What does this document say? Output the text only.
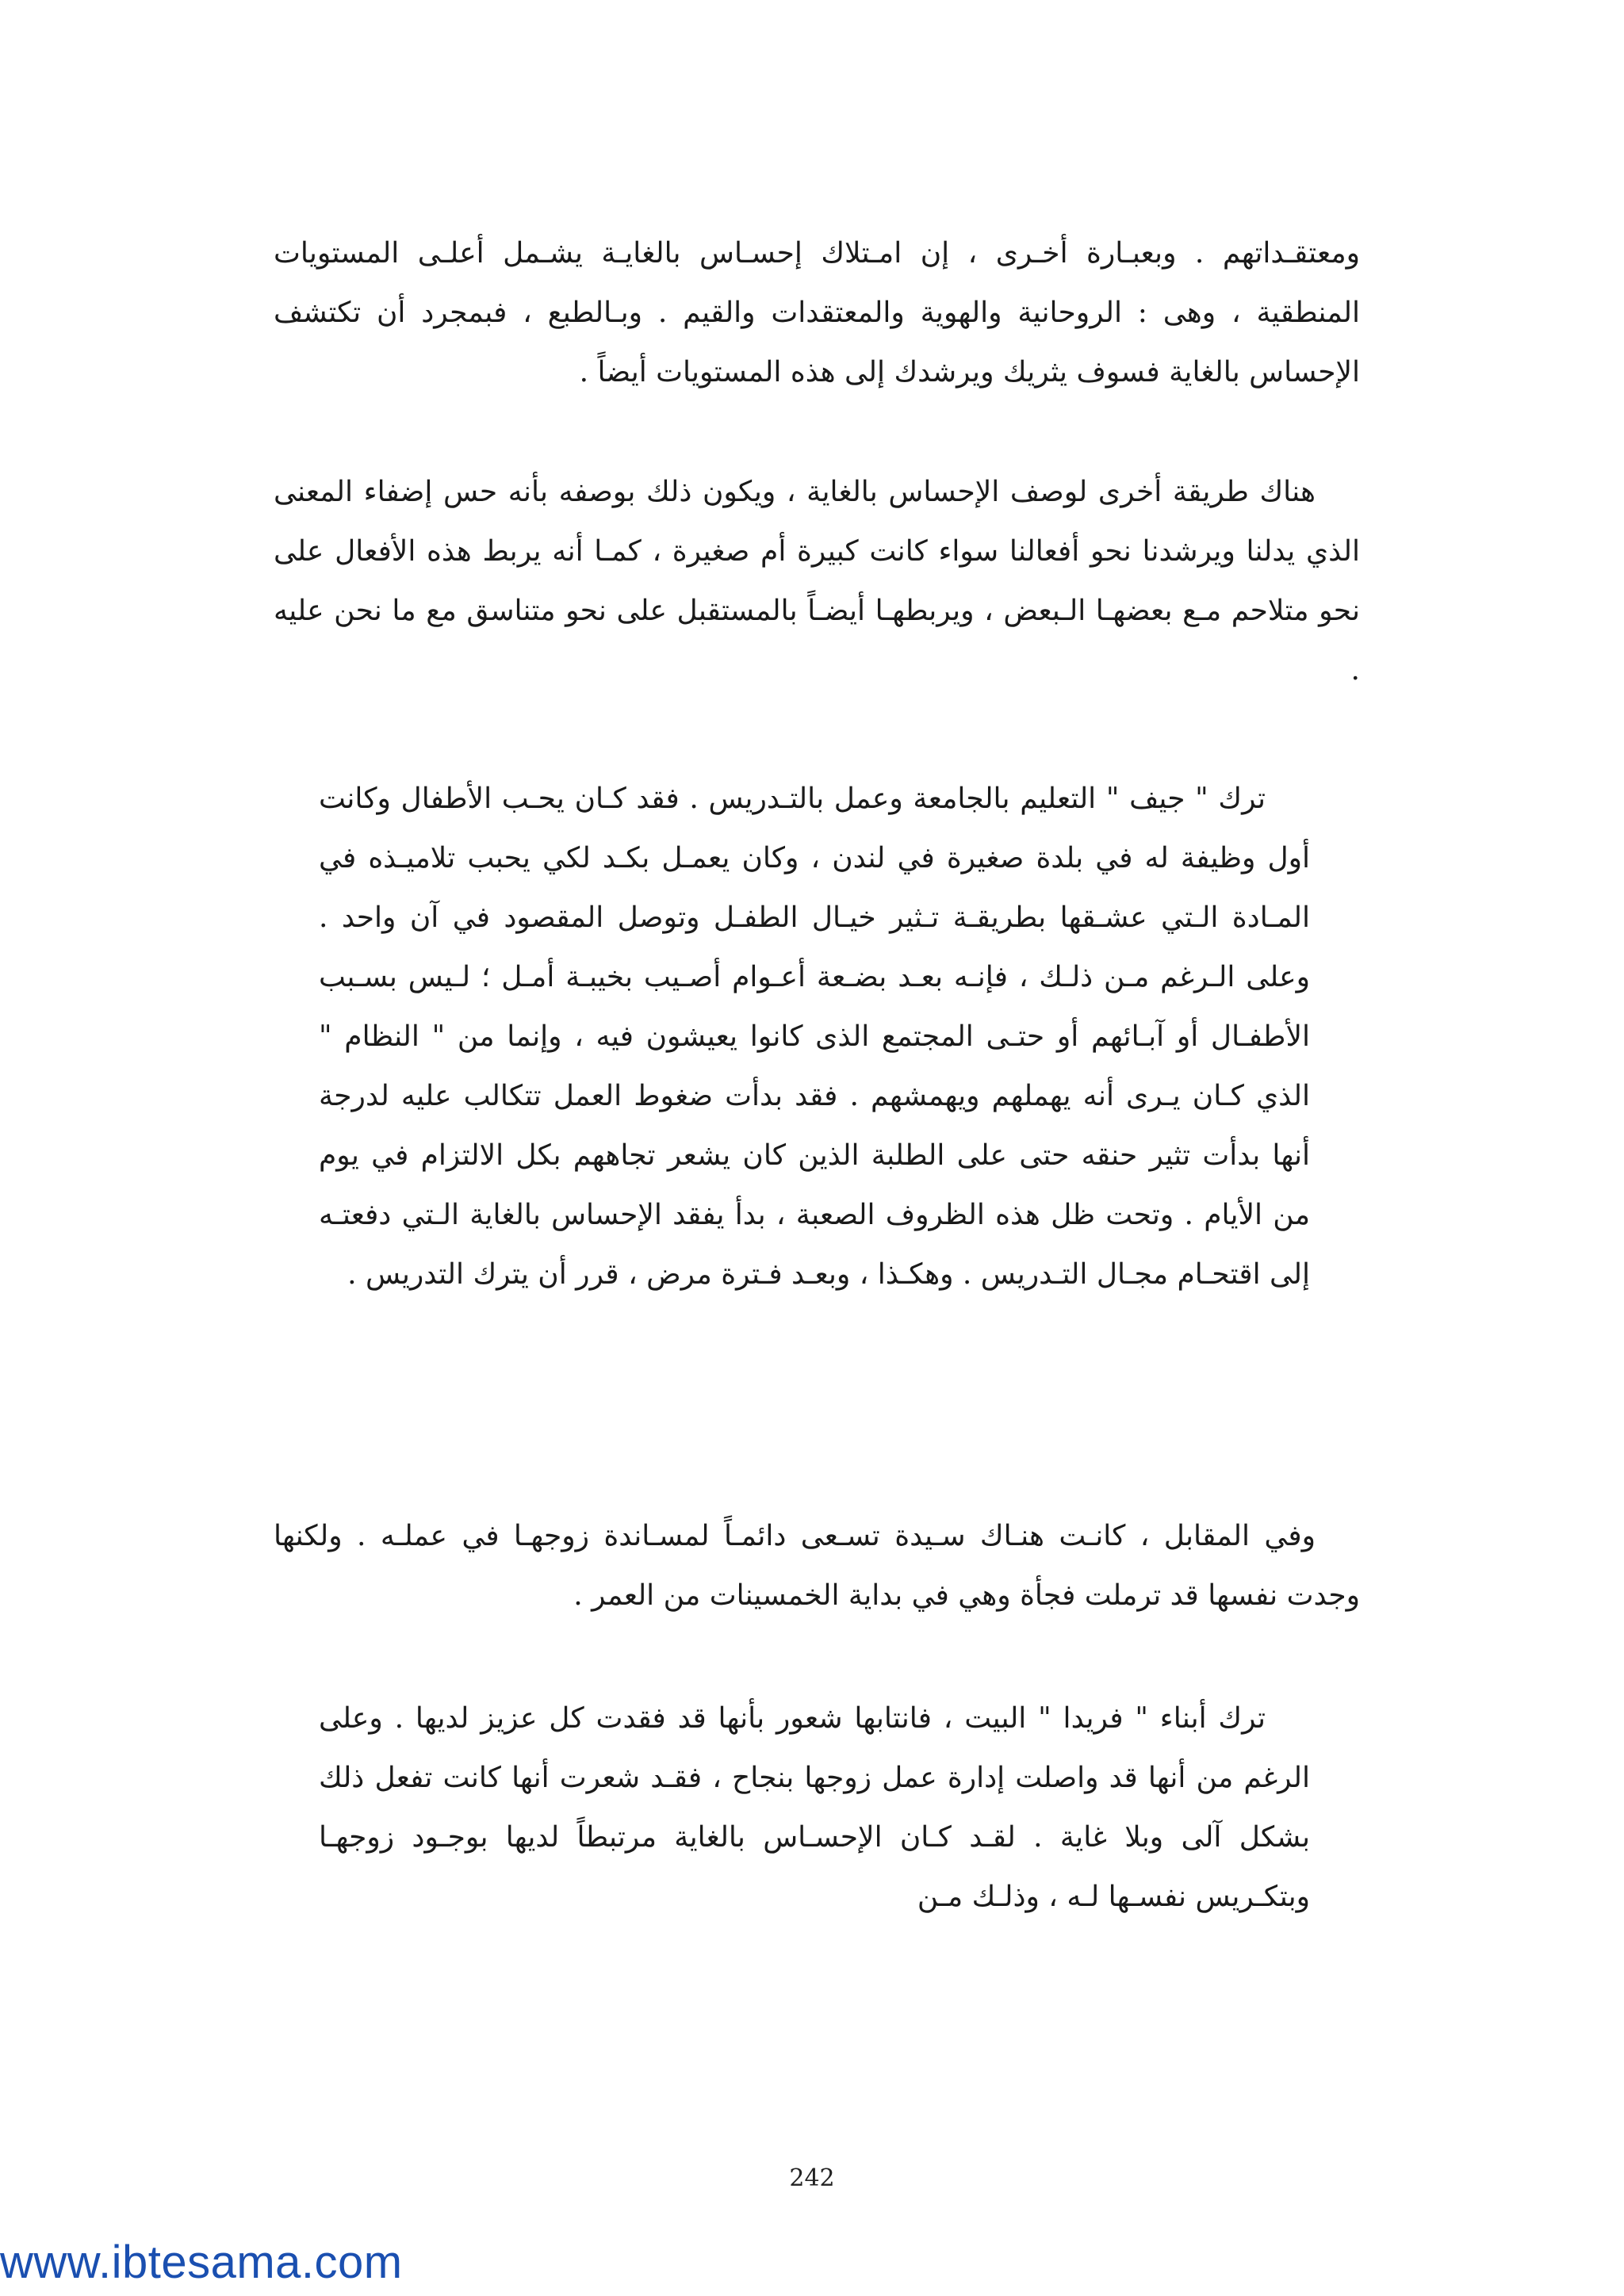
ومعتقـداتهم . وبعبـارة أخـرى ، إن امـتلاك إحسـاس بالغايـة يشـمل أعلـى المستويات المنطقية ، وهى : الروحانية والهوية والمعتقدات والقيم . وبـالطبع ، فبمجرد أن تكتشف الإحساس بالغاية فسوف يثريك ويرشدك إلى هذه المستويات أيضاً .

هناك طريقة أخرى لوصف الإحساس بالغاية ، ويكون ذلك بوصفه بأنه حس إضفاء المعنى الذي يدلنا ويرشدنا نحو أفعالنا سواء كانت كبيرة أم صغيرة ، كمـا أنه يربط هذه الأفعال على نحو متلاحم مـع بعضهـا الـبعض ، ويربطهـا أيضـاً بالمستقبل على نحو متناسق مع ما نحن عليه .

ترك " جيف " التعليم بالجامعة وعمل بالتـدريس . فقد كـان يحـب الأطفال وكانت أول وظيفة له في بلدة صغيرة في لندن ، وكان يعمـل بكـد لكي يحبب تلاميـذه في المـادة الـتي عشـقها بطريقـة تـثير خيـال الطفـل وتوصل المقصود في آن واحد . وعلى الـرغم مـن ذلـك ، فإنـه بعـد بضـعة أعـوام أصـيب بخيبـة أمـل ؛ لـيس بسـبب الأطفـال أو آبـائهم أو حتـى المجتمع الذى كانوا يعيشون فيه ، وإنما من " النظام " الذي كـان يـرى أنه يهملهم ويهمشهم . فقد بدأت ضغوط العمل تتكالب عليه لدرجة أنها بدأت تثير حنقه حتى على الطلبة الذين كان يشعر تجاههم بكل الالتزام في يوم من الأيام . وتحت ظل هذه الظروف الصعبة ، بدأ يفقد الإحساس بالغاية الـتي دفعتـه إلى اقتحـام مجـال التـدريس . وهكـذا ، وبعـد فـترة مرض ، قرر أن يترك التدريس .

وفي المقابل ، كانـت هنـاك سـيدة تسـعى دائمـاً لمسـاندة زوجهـا في عملـه . ولكنها وجدت نفسها قد ترملت فجأة وهي في بداية الخمسينات من العمر .

ترك أبناء " فريدا " البيت ، فانتابها شعور بأنها قد فقدت كل عزيز لديها . وعلى الرغم من أنها قد واصلت إدارة عمل زوجها بنجاح ، فقـد شعرت أنها كانت تفعل ذلك بشكل آلى وبلا غاية . لقـد كـان الإحسـاس بالغاية مرتبطاً لديها بوجـود زوجهـا وبتكـريس نفسـها لـه ، وذلـك مـن

242
www.ibtesama.com
